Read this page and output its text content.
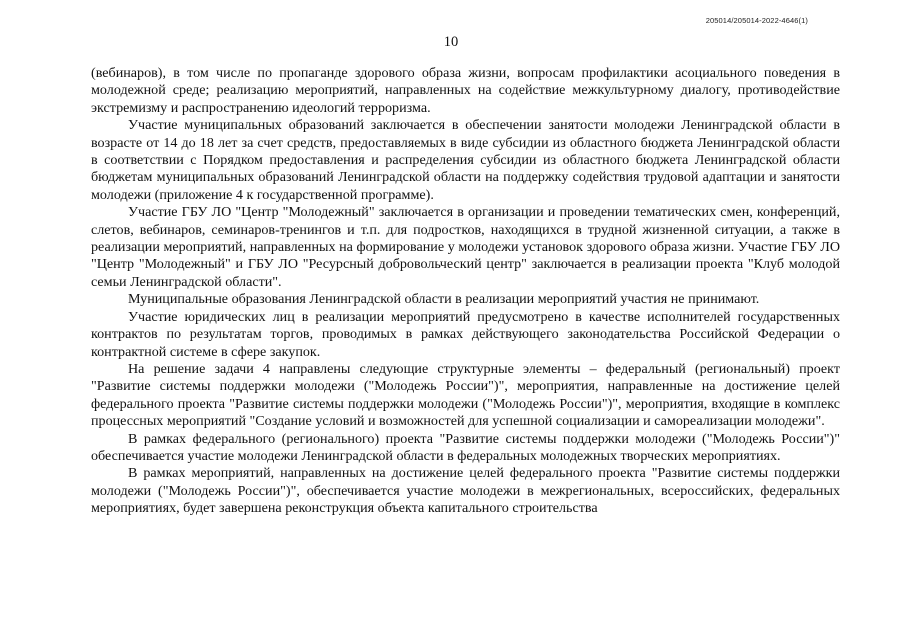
205014/205014-2022-4646(1)
10

(вебинаров), в том числе по пропаганде здорового образа жизни, вопросам профилактики асоциального поведения в молодежной среде; реализацию мероприятий, направленных на содействие межкультурному диалогу, противодействие экстремизму и распространению идеологий терроризма.

Участие муниципальных образований заключается в обеспечении занятости молодежи Ленинградской области в возрасте от 14 до 18 лет за счет средств, предоставляемых в виде субсидии из областного бюджета Ленинградской области в соответствии с Порядком предоставления и распределения субсидии из областного бюджета Ленинградской области бюджетам муниципальных образований Ленинградской области на поддержку содействия трудовой адаптации и занятости молодежи (приложение 4 к государственной программе).

Участие ГБУ ЛО "Центр "Молодежный" заключается в организации и проведении тематических смен, конференций, слетов, вебинаров, семинаров-тренингов и т.п. для подростков, находящихся в трудной жизненной ситуации, а также в реализации мероприятий, направленных на формирование у молодежи установок здорового образа жизни. Участие ГБУ ЛО "Центр "Молодежный" и ГБУ ЛО "Ресурсный добровольческий центр" заключается в реализации проекта "Клуб молодой семьи Ленинградской области".

Муниципальные образования Ленинградской области в реализации мероприятий участия не принимают.

Участие юридических лиц в реализации мероприятий предусмотрено в качестве исполнителей государственных контрактов по результатам торгов, проводимых в рамках действующего законодательства Российской Федерации о контрактной системе в сфере закупок.

На решение задачи 4 направлены следующие структурные элементы – федеральный (региональный) проект "Развитие системы поддержки молодежи ("Молодежь России")", мероприятия, направленные на достижение целей федерального проекта "Развитие системы поддержки молодежи ("Молодежь России")", мероприятия, входящие в комплекс процессных мероприятий "Создание условий и возможностей для успешной социализации и самореализации молодежи".

В рамках федерального (регионального) проекта "Развитие системы поддержки молодежи ("Молодежь России")" обеспечивается участие молодежи Ленинградской области в федеральных молодежных творческих мероприятиях.

В рамках мероприятий, направленных на достижение целей федерального проекта "Развитие системы поддержки молодежи ("Молодежь России")", обеспечивается участие молодежи в межрегиональных, всероссийских, федеральных мероприятиях, будет завершена реконструкция объекта капитального строительства
